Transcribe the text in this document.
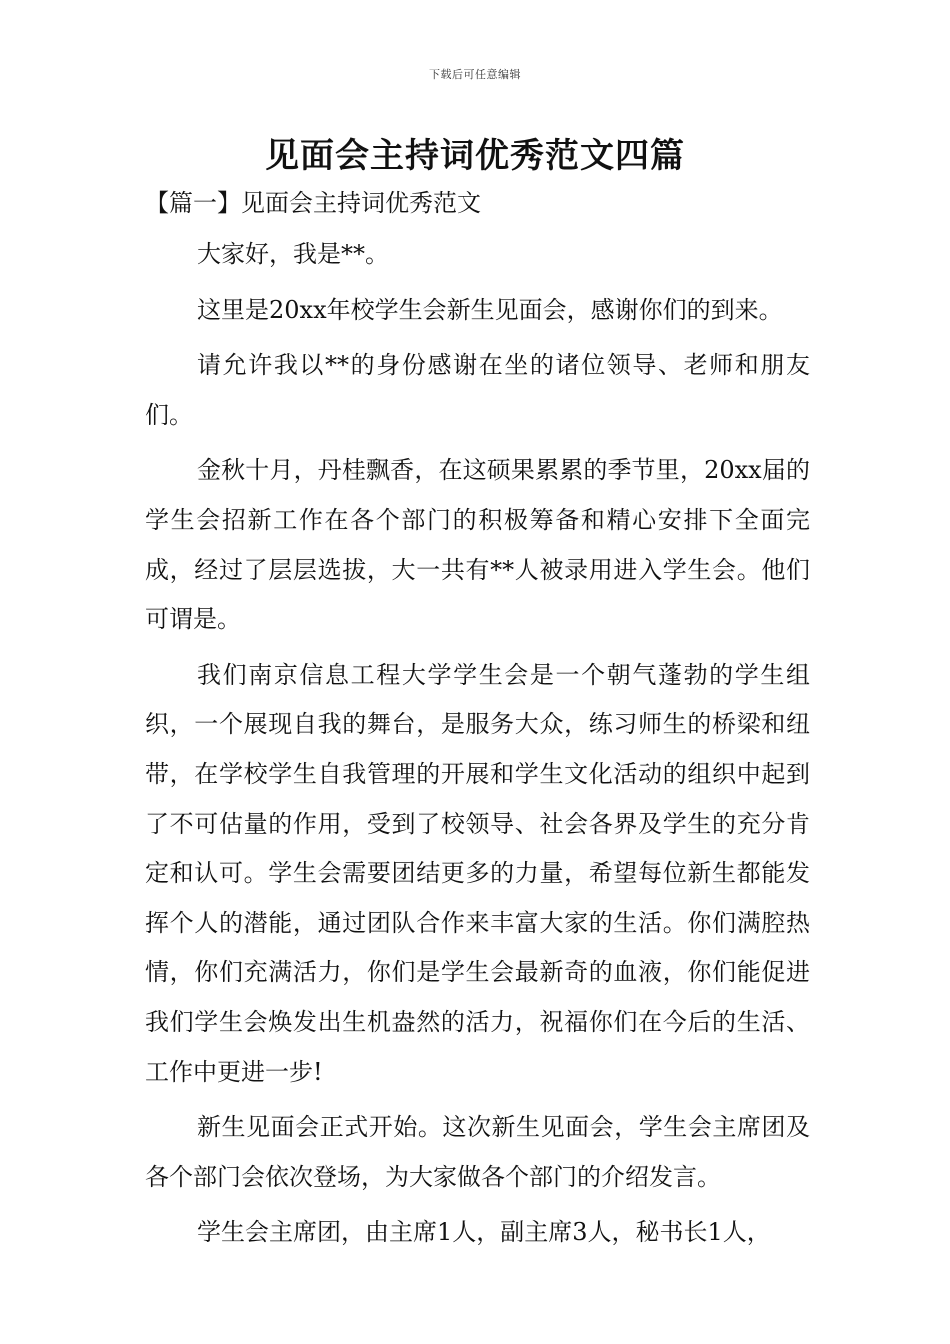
下载后可任意编辑
见面会主持词优秀范文四篇
【篇一】见面会主持词优秀范文

大家好，我是**。

这里是20xx年校学生会新生见面会，感谢你们的到来。

请允许我以**的身份感谢在坐的诸位领导、老师和朋友们。

金秋十月，丹桂飘香，在这硕果累累的季节里，20xx届的学生会招新工作在各个部门的积极筹备和精心安排下全面完成，经过了层层选拔，大一共有**人被录用进入学生会。他们可谓是。

我们南京信息工程大学学生会是一个朝气蓬勃的学生组织，一个展现自我的舞台，是服务大众，练习师生的桥梁和纽带，在学校学生自我管理的开展和学生文化活动的组织中起到了不可估量的作用，受到了校领导、社会各界及学生的充分肯定和认可。学生会需要团结更多的力量，希望每位新生都能发挥个人的潜能，通过团队合作来丰富大家的生活。你们满腔热情，你们充满活力，你们是学生会最新奇的血液，你们能促进我们学生会焕发出生机盎然的活力，祝福你们在今后的生活、工作中更进一步!

新生见面会正式开始。这次新生见面会，学生会主席团及各个部门会依次登场，为大家做各个部门的介绍发言。

学生会主席团，由主席1人，副主席3人，秘书长1人，
